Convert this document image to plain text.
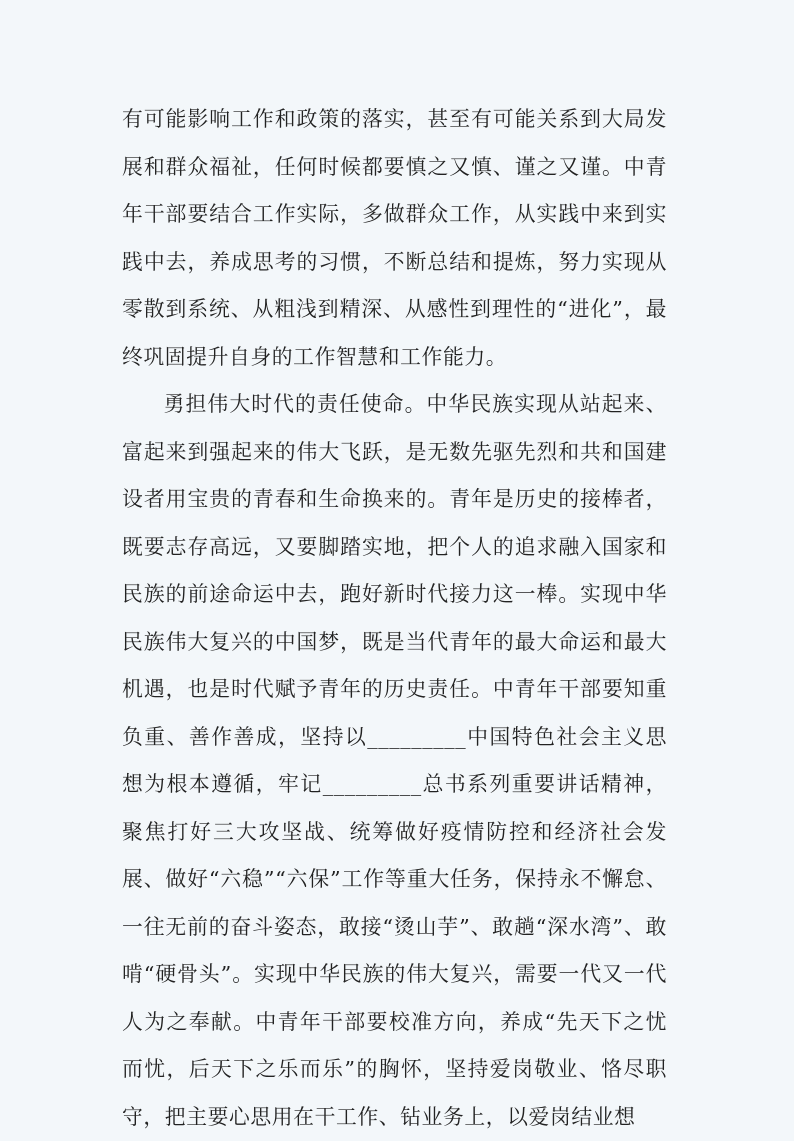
有可能影响工作和政策的落实，甚至有可能关系到大局发展和群众福祉，任何时候都要慎之又慎、谨之又谨。中青年干部要结合工作实际，多做群众工作，从实践中来到实践中去，养成思考的习惯，不断总结和提炼，努力实现从零散到系统、从粗浅到精深、从感性到理性的“进化”，最终巩固提升自身的工作智慧和工作能力。

勇担伟大时代的责任使命。中华民族实现从站起来、富起来到强起来的伟大飞跃，是无数先驱先烈和共和国建设者用宝贵的青春和生命换来的。青年是历史的接棒者，既要志存高远，又要脚踏实地，把个人的追求融入国家和民族的前途命运中去，跑好新时代接力这一棒。实现中华民族伟大复兴的中国梦，既是当代青年的最大命运和最大机遇，也是时代赋予青年的历史责任。中青年干部要知重负重、善作善成，坚持以_________中国特色社会主义思想为根本遵循，牢记_________总书系列重要讲话精神，聚焦打好三大攻坚战、统筹做好疫情防控和经济社会发展、做好“六稳”“六保”工作等重大任务，保持永不懈怠、一往无前的奋斗姿态，敢接“烫山芋”、敢趟“深水湾”、敢啃“硬骨头”。实现中华民族的伟大复兴，需要一代又一代人为之奉献。中青年干部要校准方向，养成“先天下之忧而忧，后天下之乐而乐”的胸怀，坚持爱岗敬业、恪尽职守，把主要心思用在干工作、钻业务上，以爱岗结业想
